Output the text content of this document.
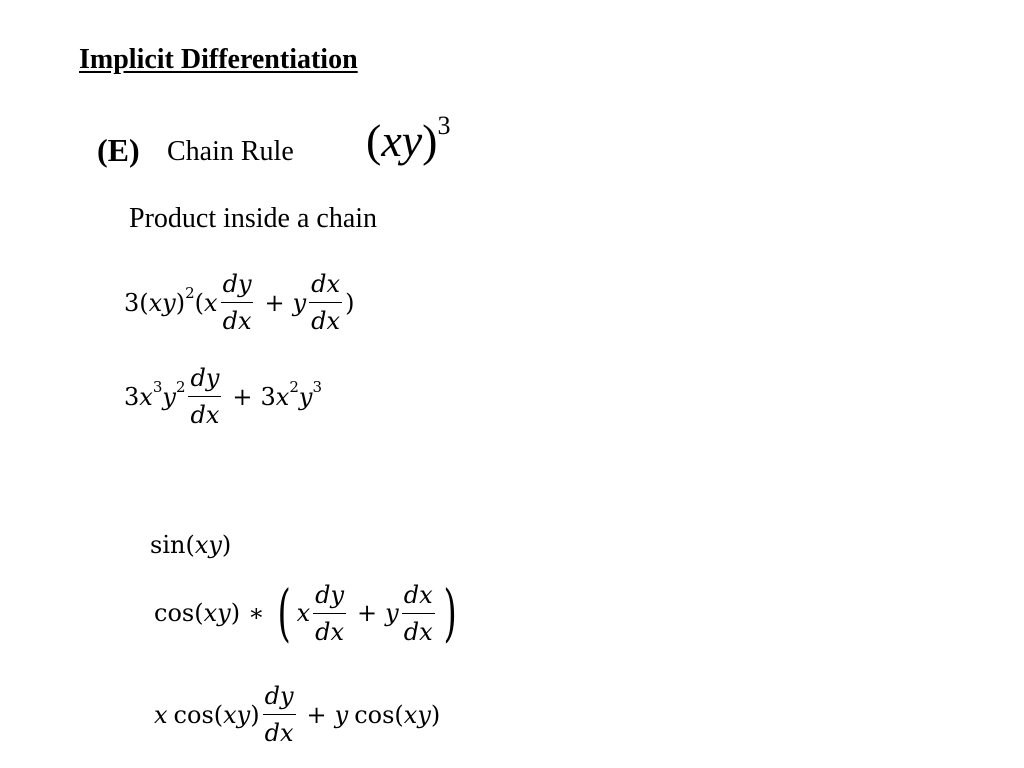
Implicit Differentiation
(E) Chain Rule (xy)$^3$
Product inside a chain
3( xy )$^2$ ( x $\frac{dy}{dx} + y \frac{dx}{dx}$ )
3 $x^3$ $y^2 \frac{dy}{dx} + 3$ $x^2$ $y^3$
sin ( xy )
cos ( xy ) ∗ ( x $\frac{dy}{dx} + y \frac{dx}{dx}$ )
x cos ( xy ) $\frac{dy}{dx} + y$ cos ( xy )
